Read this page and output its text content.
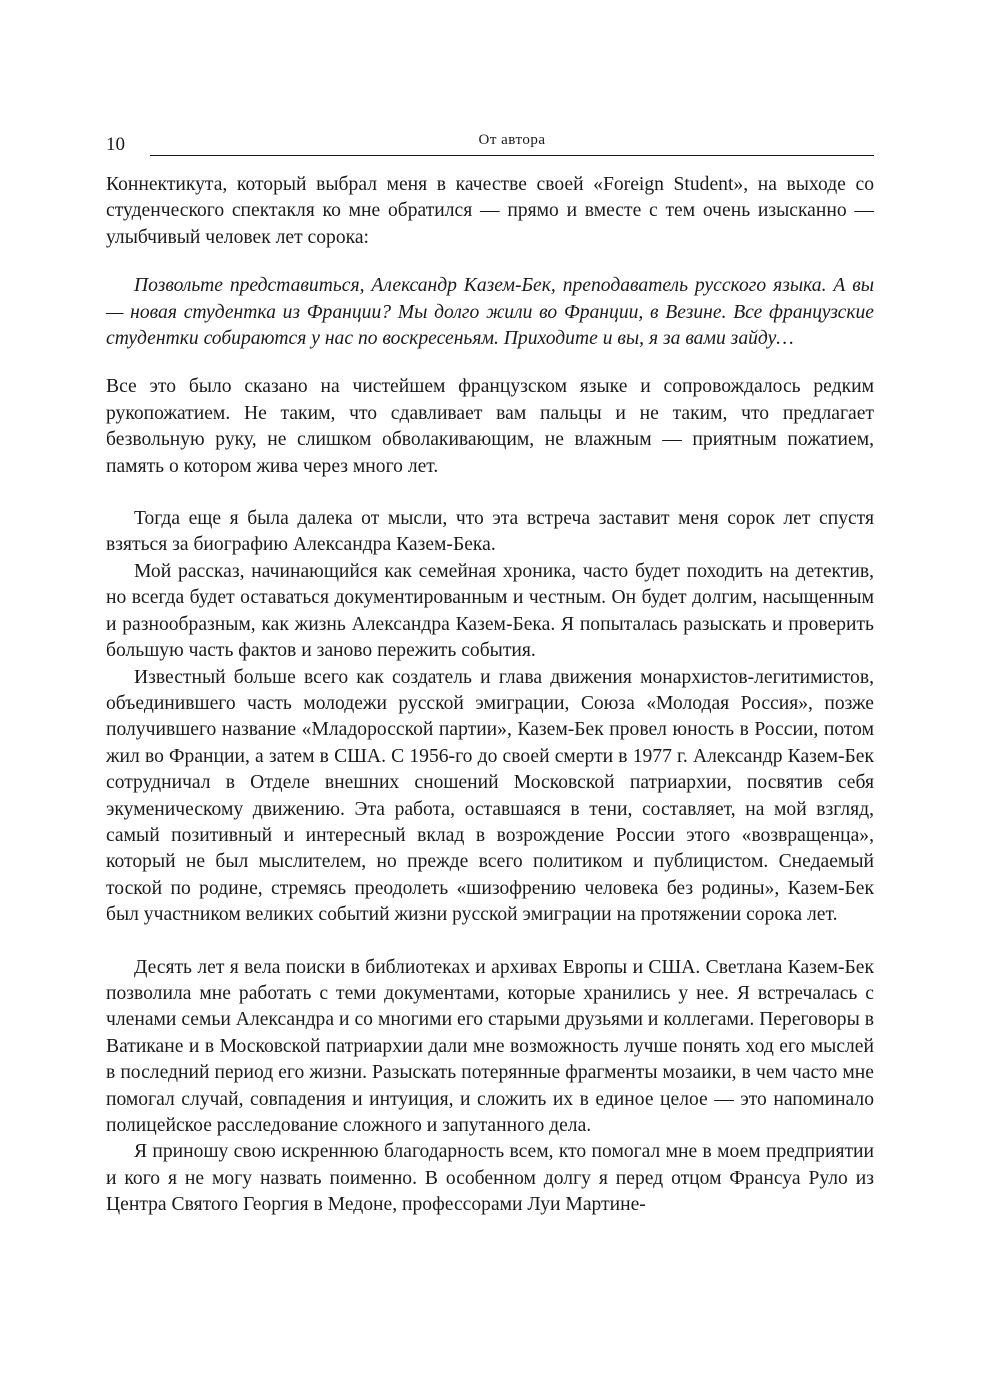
10	От автора

Коннектикута, который выбрал меня в качестве своей «Foreign Student», на выходе со студенческого спектакля ко мне обратился — прямо и вместе с тем очень изысканно — улыбчивый человек лет сорока:

Позвольте представиться, Александр Казем-Бек, преподаватель русского языка. А вы — новая студентка из Франции? Мы долго жили во Франции, в Везине. Все французские студентки собираются у нас по воскресеньям. Приходите и вы, я за вами зайду…

Все это было сказано на чистейшем французском языке и сопровождалось редким рукопожатием. Не таким, что сдавливает вам пальцы и не таким, что предлагает безвольную руку, не слишком обволакивающим, не влажным — приятным пожатием, память о котором жива через много лет.

Тогда еще я была далека от мысли, что эта встреча заставит меня сорок лет спустя взяться за биографию Александра Казем-Бека.

Мой рассказ, начинающийся как семейная хроника, часто будет походить на детектив, но всегда будет оставаться документированным и честным. Он будет долгим, насыщенным и разнообразным, как жизнь Александра Казем-Бека. Я попыталась разыскать и проверить большую часть фактов и заново пережить события.

Известный больше всего как создатель и глава движения монархистов-легитимистов, объединившего часть молодежи русской эмиграции, Союза «Молодая Россия», позже получившего название «Младоросской партии», Казем-Бек провел юность в России, потом жил во Франции, а затем в США. С 1956-го до своей смерти в 1977 г. Александр Казем-Бек сотрудничал в Отделе внешних сношений Московской патриархии, посвятив себя экуменическому движению. Эта работа, оставшаяся в тени, составляет, на мой взгляд, самый позитивный и интересный вклад в возрождение России этого «возвращенца», который не был мыслителем, но прежде всего политиком и публицистом. Снедаемый тоской по родине, стремясь преодолеть «шизофрению человека без родины», Казем-Бек был участником великих событий жизни русской эмиграции на протяжении сорока лет.

Десять лет я вела поиски в библиотеках и архивах Европы и США. Светлана Казем-Бек позволила мне работать с теми документами, которые хранились у нее. Я встречалась с членами семьи Александра и со многими его старыми друзьями и коллегами. Переговоры в Ватикане и в Московской патриархии дали мне возможность лучше понять ход его мыслей в последний период его жизни. Разыскать потерянные фрагменты мозаики, в чем часто мне помогал случай, совпадения и интуиция, и сложить их в единое целое — это напоминало полицейское расследование сложного и запутанного дела.

Я приношу свою искреннюю благодарность всем, кто помогал мне в моем предприятии и кого я не могу назвать поименно. В особенном долгу я перед отцом Франсуа Руло из Центра Святого Георгия в Медоне, профессорами Луи Мартине-
